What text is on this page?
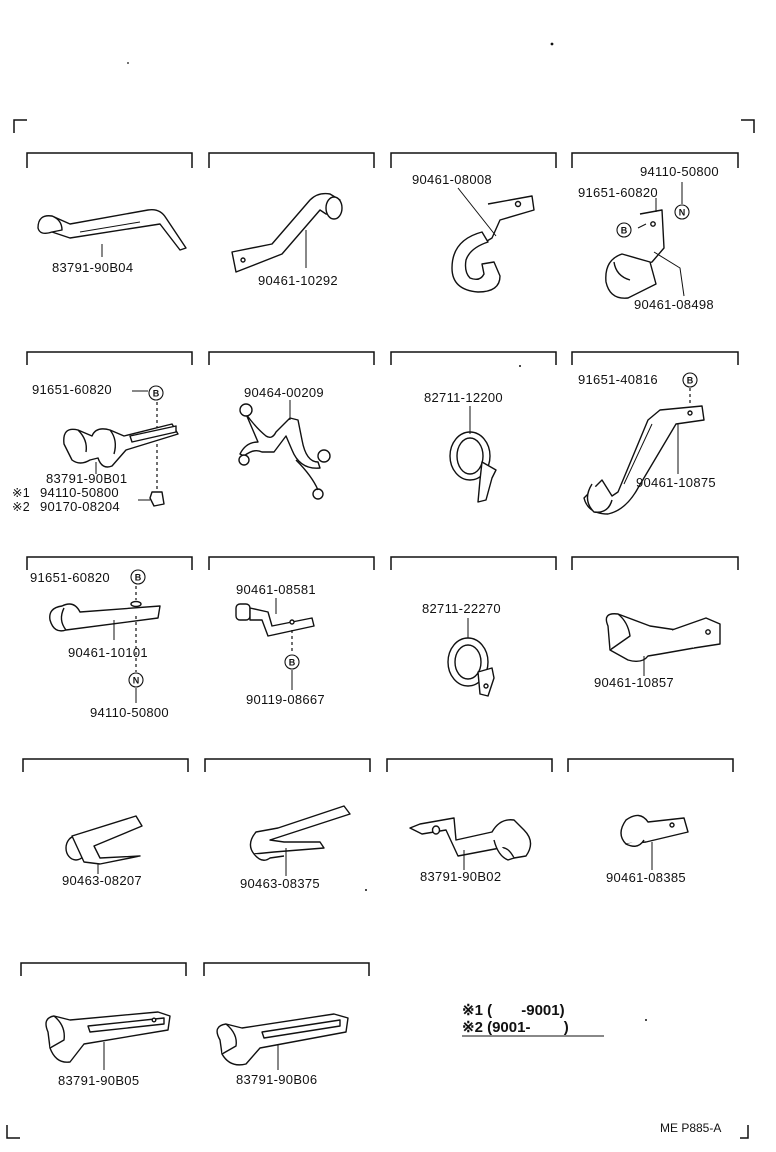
N
B
B
B
B
N
B
83791-90B04
90461-10292
90461-08008
94110-50800
91651-60820
90461-08498
91651-60820
83791-90B01
※1 94110-50800
※2 90170-08204
90464-00209	82711-12200
91651-40816
90461-10875
91651-60820
90461-10101
94110-50800
90461-08581
90119-08667
82711-22270
90461-10857
90463-08207	90463-08375	83791-90B02	90461-08385
83791-90B05	83791-90B06
※1 (       -9001)
※2 (9001-        )
ME P885-A
